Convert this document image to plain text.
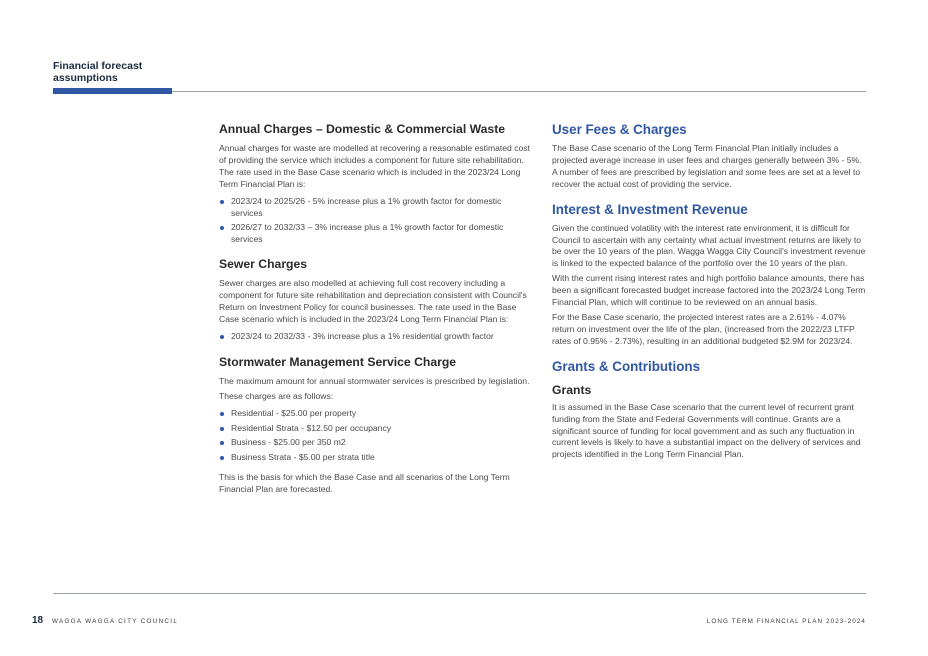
Financial forecast assumptions
Annual Charges – Domestic & Commercial Waste

Annual charges for waste are modelled at recovering a reasonable estimated cost of providing the service which includes a component for future site rehabilitation. The rate used in the Base Case scenario which is included in the 2023/24 Long Term Financial Plan is:

2023/24 to 2025/26 - 5% increase plus a 1% growth factor for domestic services
2026/27 to 2032/33 – 3% increase plus a 1% growth factor for domestic services
Sewer Charges

Sewer charges are also modelled at achieving full cost recovery including a component for future site rehabilitation and depreciation consistent with Council's Return on Investment Policy for council businesses. The rate used in the Base Case scenario which is included in the 2023/24 Long Term Financial Plan is:

2023/24 to 2032/33 - 3% increase plus a 1% residential growth factor
Stormwater Management Service Charge

The maximum amount for annual stormwater services is prescribed by legislation.

These charges are as follows:

Residential - $25.00 per property
Residential Strata - $12.50 per occupancy
Business - $25.00 per 350 m2
Business Strata - $5.00 per strata title

This is the basis for which the Base Case and all scenarios of the Long Term Financial Plan are forecasted.

User Fees & Charges

The Base Case scenario of the Long Term Financial Plan initially includes a projected average increase in user fees and charges generally between 3% - 5%. A number of fees are prescribed by legislation and some fees are set at a level to recover the actual cost of providing the service.

Interest & Investment Revenue

Given the continued volatility with the interest rate environment, it is difficult for Council to ascertain with any certainty what actual investment returns are likely to be over the 10 years of the plan. Wagga Wagga City Council's investment revenue is linked to the expected balance of the portfolio over the 10 years of the plan.

With the current rising interest rates and high portfolio balance amounts, there has been a significant forecasted budget increase factored into the 2023/24 Long Term Financial Plan, which will continue to be reviewed on an annual basis.

For the Base Case scenario, the projected interest rates are a 2.61% - 4.07% return on investment over the life of the plan, (increased from the 2022/23 LTFP rates of 0.95% - 2.73%), resulting in an additional budgeted $2.9M for 2023/24.

Grants & Contributions
Grants

It is assumed in the Base Case scenario that the current level of recurrent grant funding from the State and Federal Governments will continue. Grants are a significant source of funding for local government and as such any fluctuation in current levels is likely to have a substantial impact on the delivery of services and projects identified in the Long Term Financial Plan.

18 WAGGA WAGGA CITY COUNCIL	LONG TERM FINANCIAL PLAN 2023-2024
